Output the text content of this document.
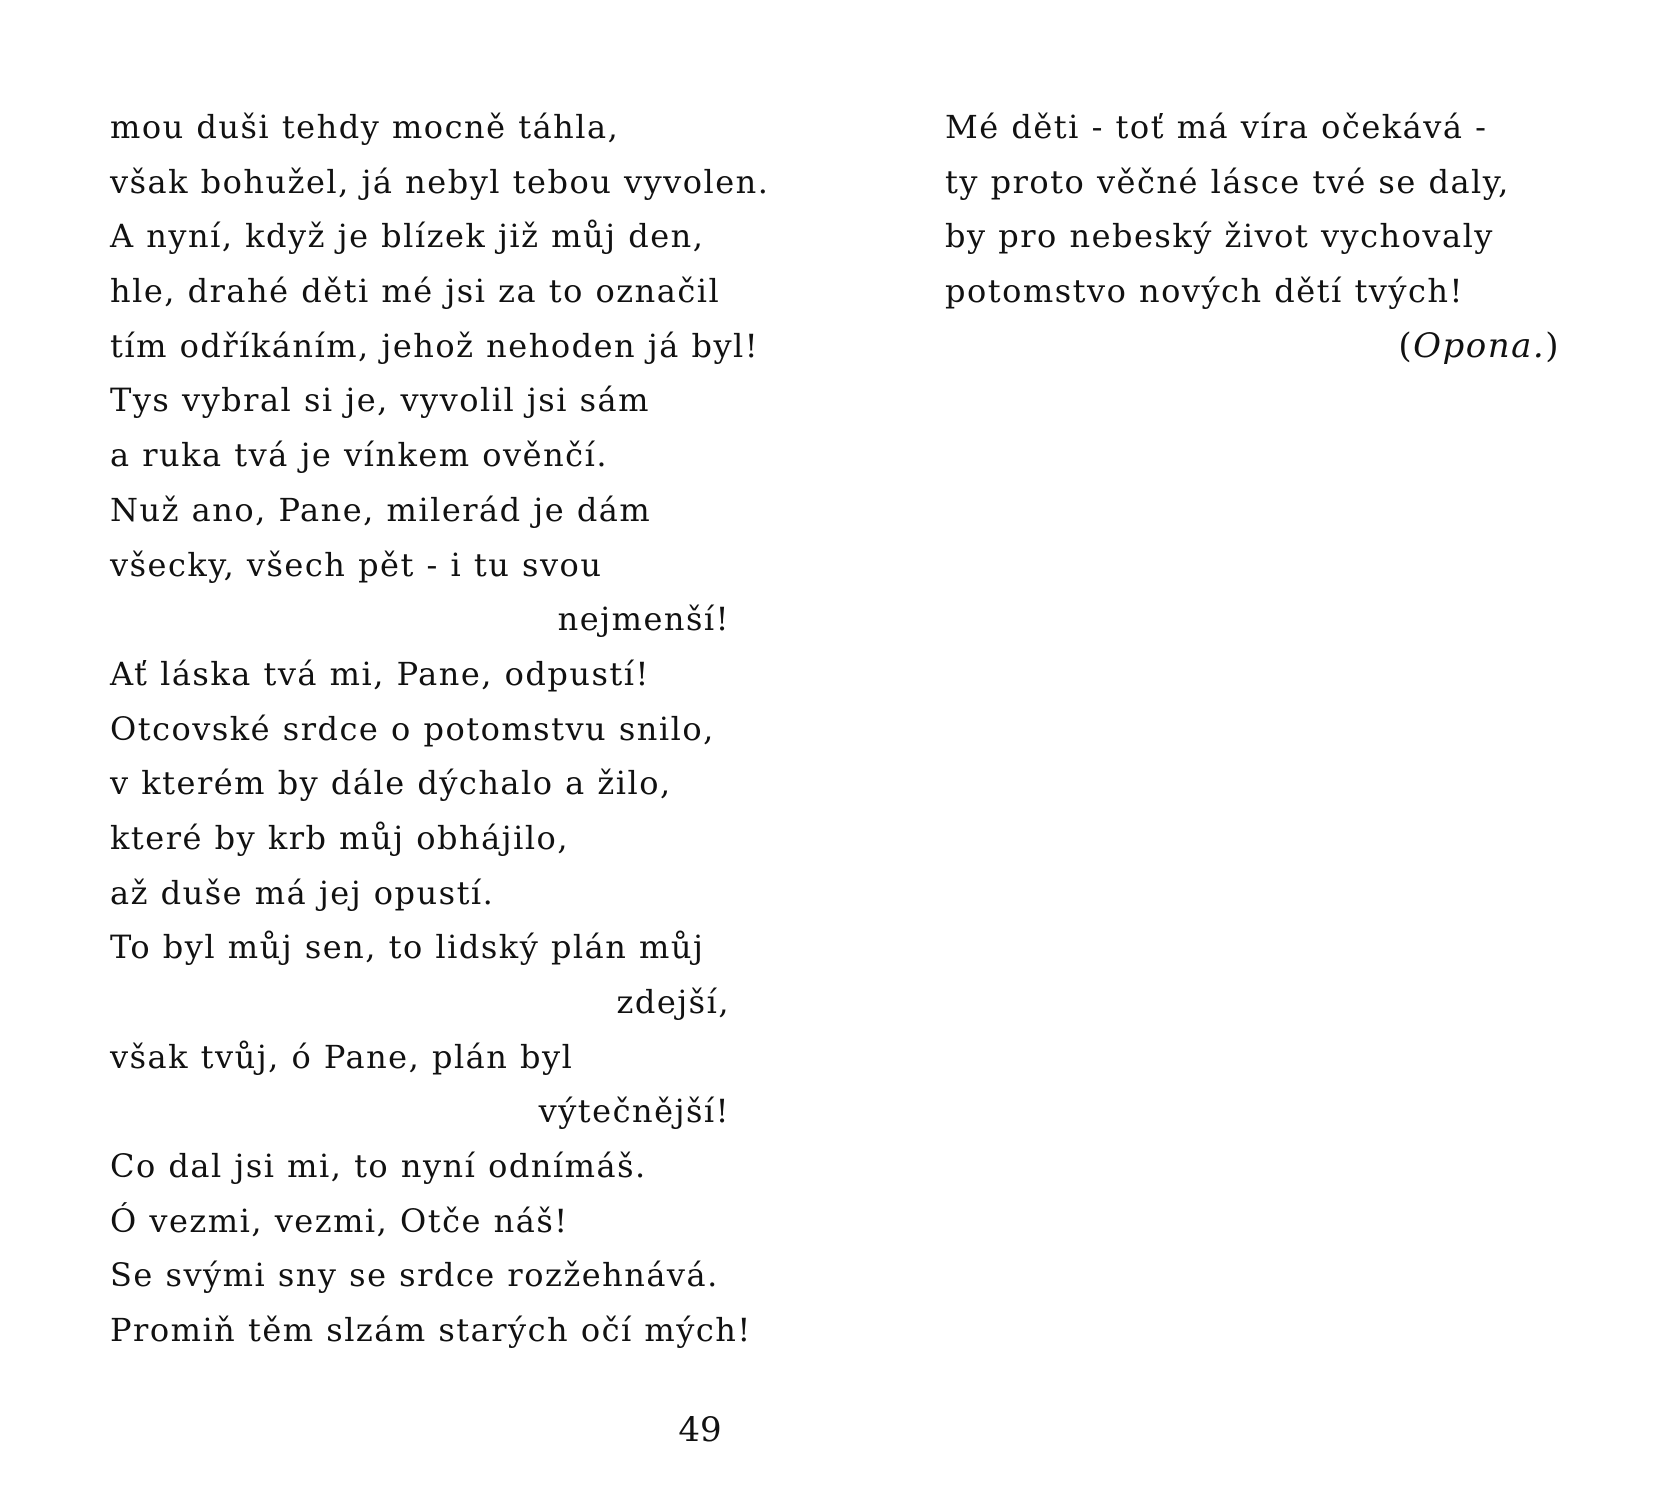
mou duši tehdy mocně táhla,
však bohužel, já nebyl tebou vyvolen.
A nyní, když je blízek již můj den,
hle, drahé děti mé jsi za to označil
tím odříkáním, jehož nehoden já byl!
Tys vybral si je, vyvolil jsi sám
a ruka tvá je vínkem ověnčí.
Nuž ano, Pane, milerád je dám
všecky, všech pět - i tu svou
nejmenší!
Ať láska tvá mi, Pane, odpustí!
Otcovské srdce o potomstvu snilo,
v kterém by dále dýchalo a žilo,
které by krb můj obhájilo,
až duše má jej opustí.
To byl můj sen, to lidský plán můj
zdejší,
však tvůj, ó Pane, plán byl
výtečnější!
Co dal jsi mi, to nyní odnímáš.
Ó vezmi, vezmi, Otče náš!
Se svými sny se srdce rozžehnává.
Promiň těm slzám starých očí mých!
Mé děti - toť má víra očekává -
ty proto věčné lásce tvé se daly,
by pro nebeský život vychovaly
potomstvo nových dětí tvých!
(Opona.)
49
